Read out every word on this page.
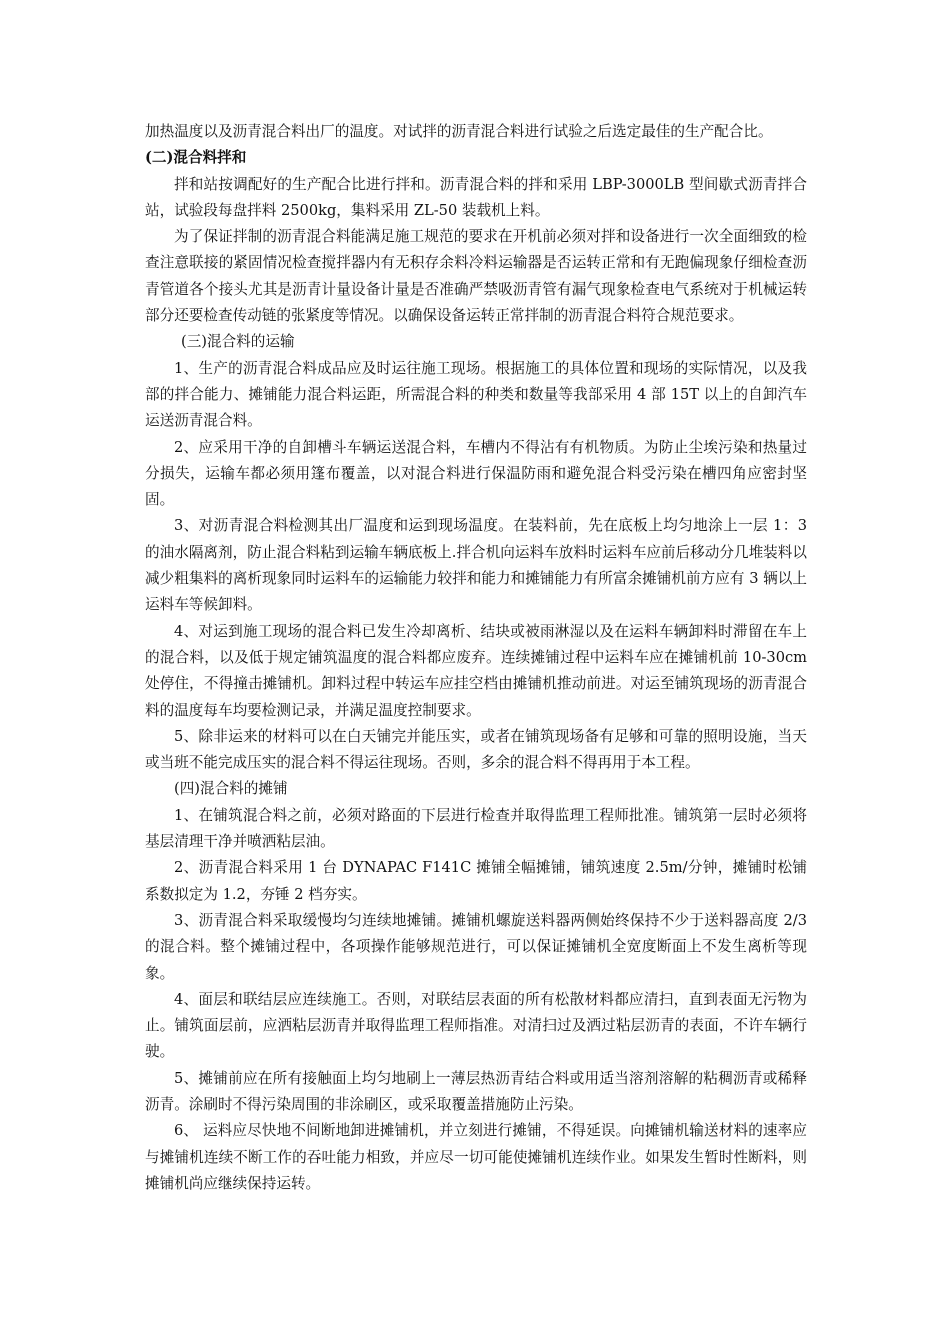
加热温度以及沥青混合料出厂的温度。对试拌的沥青混合料进行试验之后选定最佳的生产配合比。

(二)混合料拌和

拌和站按调配好的生产配合比进行拌和。沥青混合料的拌和采用 LBP-3000LB 型间歇式沥青拌合站，试验段每盘拌料 2500kg，集料采用 ZL-50 装载机上料。

为了保证拌制的沥青混合料能满足施工规范的要求在开机前必须对拌和设备进行一次全面细致的检查注意联接的紧固情况检查搅拌器内有无积存余料冷料运输器是否运转正常和有无跑偏现象仔细检查沥青管道各个接头尤其是沥青计量设备计量是否准确严禁吸沥青管有漏气现象检查电气系统对于机械运转部分还要检查传动链的张紧度等情况。以确保设备运转正常拌制的沥青混合料符合规范要求。

(三)混合料的运输

1、生产的沥青混合料成品应及时运往施工现场。根据施工的具体位置和现场的实际情况，以及我部的拌合能力、摊铺能力混合料运距，所需混合料的种类和数量等我部采用 4 部 15T 以上的自卸汽车运送沥青混合料。

2、应采用干净的自卸槽斗车辆运送混合料，车槽内不得沾有有机物质。为防止尘埃污染和热量过分损失，运输车都必须用篷布覆盖，以对混合料进行保温防雨和避免混合料受污染在槽四角应密封坚固。

3、对沥青混合料检测其出厂温度和运到现场温度。在装料前，先在底板上均匀地涂上一层 1：3 的油水隔离剂，防止混合料粘到运输车辆底板上.拌合机向运料车放料时运料车应前后移动分几堆装料以减少粗集料的离析现象同时运料车的运输能力较拌和能力和摊铺能力有所富余摊铺机前方应有 3 辆以上运料车等候卸料。

4、对运到施工现场的混合料已发生冷却离析、结块或被雨淋湿以及在运料车辆卸料时滞留在车上的混合料，以及低于规定铺筑温度的混合料都应废弃。连续摊铺过程中运料车应在摊铺机前 10-30cm 处停住，不得撞击摊铺机。卸料过程中转运车应挂空档由摊铺机推动前进。对运至铺筑现场的沥青混合料的温度每车均要检测记录，并满足温度控制要求。

5、除非运来的材料可以在白天铺完并能压实，或者在铺筑现场备有足够和可靠的照明设施，当天或当班不能完成压实的混合料不得运往现场。否则，多余的混合料不得再用于本工程。

(四)混合料的摊铺

1、在铺筑混合料之前，必须对路面的下层进行检查并取得监理工程师批准。铺筑第一层时必须将基层清理干净并喷洒粘层油。

2、沥青混合料采用 1 台 DYNAPAC F141C 摊铺全幅摊铺，铺筑速度 2.5m/分钟，摊铺时松铺系数拟定为 1.2，夯锤 2 档夯实。

3、沥青混合料采取缓慢均匀连续地摊铺。摊铺机螺旋送料器两侧始终保持不少于送料器高度 2/3 的混合料。整个摊铺过程中，各项操作能够规范进行，可以保证摊铺机全宽度断面上不发生离析等现象。

4、面层和联结层应连续施工。否则，对联结层表面的所有松散材料都应清扫，直到表面无污物为止。铺筑面层前，应洒粘层沥青并取得监理工程师指准。对清扫过及洒过粘层沥青的表面，不许车辆行驶。

5、摊铺前应在所有接触面上均匀地刷上一薄层热沥青结合料或用适当溶剂溶解的粘稠沥青或稀释沥青。涂刷时不得污染周围的非涂刷区，或采取覆盖措施防止污染。

6、 运料应尽快地不间断地卸进摊铺机，并立刻进行摊铺，不得延误。向摊铺机输送材料的速率应与摊铺机连续不断工作的吞吐能力相致，并应尽一切可能使摊铺机连续作业。如果发生暂时性断料，则摊铺机尚应继续保持运转。
